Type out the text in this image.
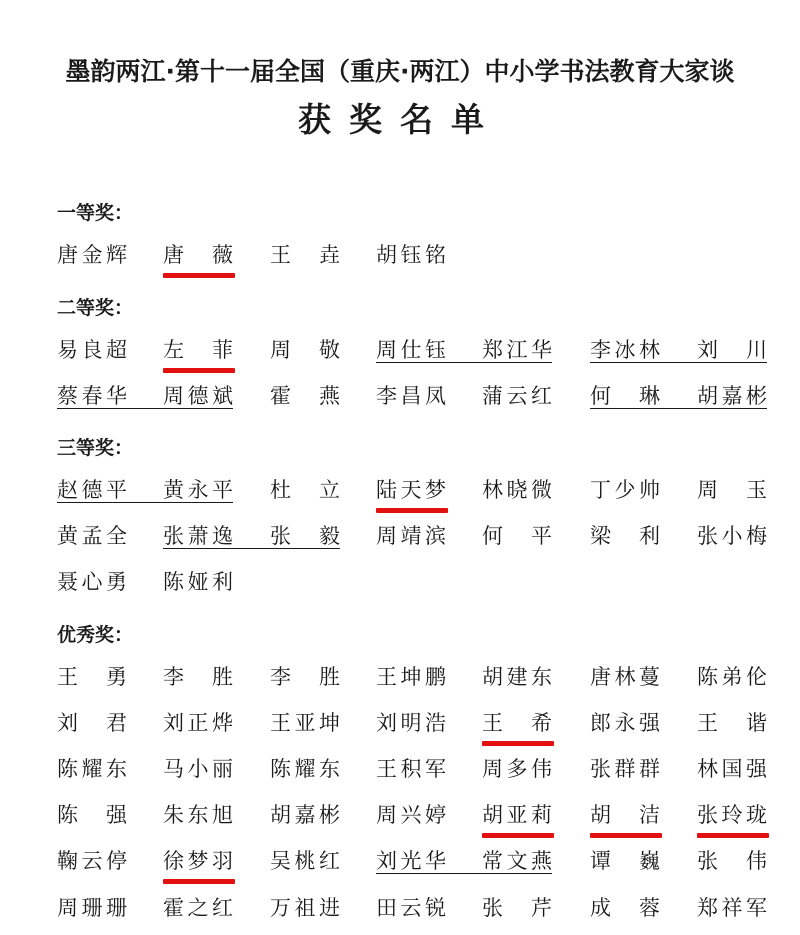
墨韵两江·第十一届全国（重庆·两江）中小学书法教育大家谈
获奖名单
一等奖：
唐金辉 唐 薇 王 垚 胡钰铭
二等奖：
易良超 左 菲 周 敬 周仕钰 郑江华 李冰林 刘 川
蔡春华 周德斌 霍 燕 李昌凤 蒲云红 何 琳 胡嘉彬
三等奖：
赵德平 黄永平 杜 立 陆天梦 林晓微 丁少帅 周 玉
黄孟全 张萧逸 张 毅 周靖滨 何 平 梁 利 张小梅
聂心勇 陈娅利
优秀奖：
王 勇 李 胜 李 胜 王坤鹏 胡建东 唐林蔓 陈弟伦
刘 君 刘正烨 王亚坤 刘明浩 王 希 郎永强 王 谐
陈耀东 马小丽 陈耀东 王积军 周多伟 张群群 林国强
陈 强 朱东旭 胡嘉彬 周兴婷 胡亚莉 胡 洁 张玲珑
鞠云停 徐梦羽 吴桃红 刘光华 常文燕 谭 巍 张 伟
周珊珊 霍之红 万祖进 田云锐 张 芹 成 蓉 郑祥军
